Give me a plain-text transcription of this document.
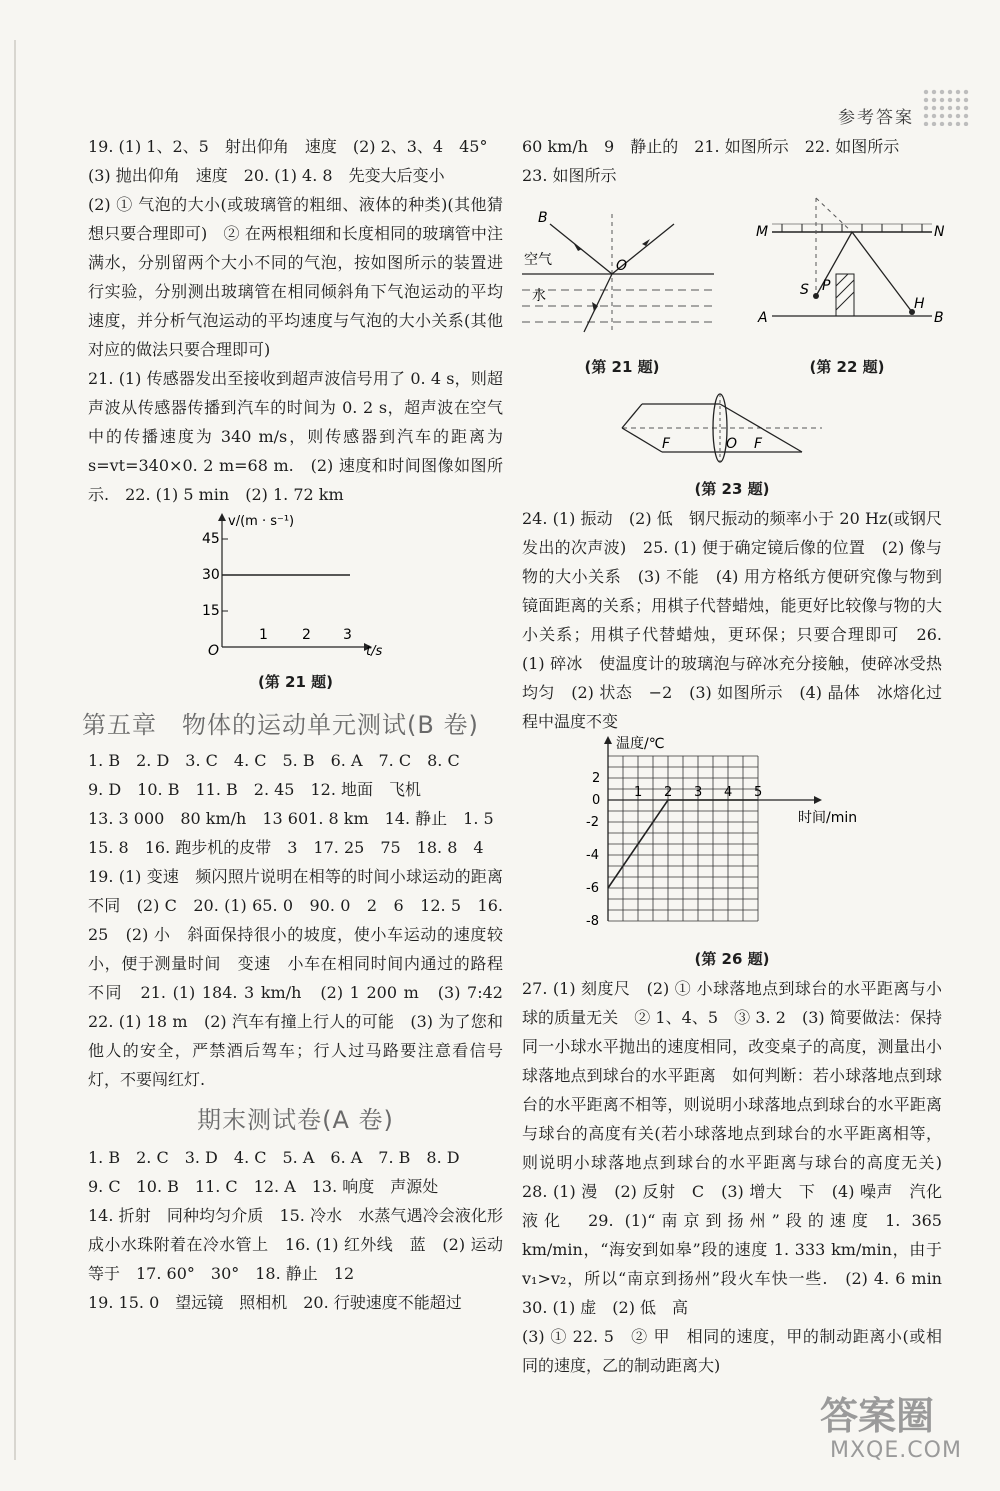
参考答案

19. (1) 1、2、5　射出仰角　速度　(2) 2、3、4　45°

(3) 抛出仰角　速度　20. (1) 4. 8　先变大后变小

(2) ① 气泡的大小(或玻璃管的粗细、液体的种类)(其他猜想只要合理即可)　② 在两根粗细和长度相同的玻璃管中注满水，分别留两个大小不同的气泡，按如图所示的装置进行实验，分别测出玻璃管在相同倾斜角下气泡运动的平均速度，并分析气泡运动的平均速度与气泡的大小关系(其他对应的做法只要合理即可)

21. (1) 传感器发出至接收到超声波信号用了 0. 4 s，则超声波从传感器传播到汽车的时间为 0. 2 s，超声波在空气中的传播速度为 340 m/s，则传感器到汽车的距离为 s=vt=340×0. 2 m=68 m.　(2) 速度和时间图像如图所示.　22. (1) 5 min　(2) 1. 72 km

v/(m · s⁻¹)
t/s
O
15
30
45
1 2 3

(第 21 题)

第五章　物体的运动单元测试(B 卷)

1. B　2. D　3. C　4. C　5. B　6. A　7. C　8. C

9. D　10. B　11. B　2. 45　12. 地面　飞机

13. 3 000　80 km/h　13 601. 8 km　14. 静止　1. 5

15. 8　16. 跑步机的皮带　3　17. 25　75　18. 8　4

19. (1) 变速　频闪照片说明在相等的时间小球运动的距离不同　(2) C　20. (1) 65. 0　90. 0　2　6　12. 5　16. 25　(2) 小　斜面保持很小的坡度，使小车运动的速度较小，便于测量时间　变速　小车在相同时间内通过的路程不同　21. (1) 184. 3 km/h　(2) 1 200 m　(3) 7:42　22. (1) 18 m　(2) 汽车有撞上行人的可能　(3) 为了您和他人的安全，严禁酒后驾车；行人过马路要注意看信号灯，不要闯红灯.

期末测试卷(A 卷)

1. B　2. C　3. D　4. C　5. A　6. A　7. B　8. D

9. C　10. B　11. C　12. A　13. 响度　声源处

14. 折射　同种均匀介质　15. 冷水　水蒸气遇冷会液化形成小水珠附着在冷水管上　16. (1) 红外线　蓝　(2) 运动　等于　17. 60°　30°　18. 静止　12

19. 15. 0　望远镜　照相机　20. 行驶速度不能超过

60 km/h　9　静止的　21. 如图所示　22. 如图所示

23. 如图所示

B
O
空气
水

(第 21 题)

M	N
S P
A
H
B

(第 22 题)

F	O F

(第 23 题)

24. (1) 振动　(2) 低　钢尺振动的频率小于 20 Hz(或钢尺发出的次声波)　25. (1) 便于确定镜后像的位置　(2) 像与物的大小关系　(3) 不能　(4) 用方格纸方便研究像与物到镜面距离的关系；用棋子代替蜡烛，能更好比较像与物的大小关系；用棋子代替蜡烛，更环保；只要合理即可　26. (1) 碎冰　使温度计的玻璃泡与碎冰充分接触，使碎冰受热均匀　(2) 状态　−2　(3) 如图所示　(4) 晶体　冰熔化过程中温度不变

温度/℃
时间/min
2
0
-2
-4
-6
-8
1 2 3 4 5

(第 26 题)

27. (1) 刻度尺　(2) ① 小球落地点到球台的水平距离与小球的质量无关　② 1、4、5　③ 3. 2　(3) 简要做法：保持同一小球水平抛出的速度相同，改变桌子的高度，测量出小球落地点到球台的水平距离　如何判断：若小球落地点到球台的水平距离不相等，则说明小球落地点到球台的水平距离与球台的高度有关(若小球落地点到球台的水平距离相等，则说明小球落地点到球台的水平距离与球台的高度无关)　28. (1) 漫　(2) 反射　C　(3) 增大　下　(4) 噪声　汽化　液化　29. (1)“南京到扬州”段的速度 1. 365 km/min，“海安到如皋”段的速度 1. 333 km/min，由于 v₁>v₂，所以“南京到扬州”段火车快一些.　(2) 4. 6 min　30. (1) 虚　(2) 低　高

(3) ① 22. 5　② 甲　相同的速度，甲的制动距离小(或相同的速度，乙的制动距离大)

答案圈
MXQE.COM
